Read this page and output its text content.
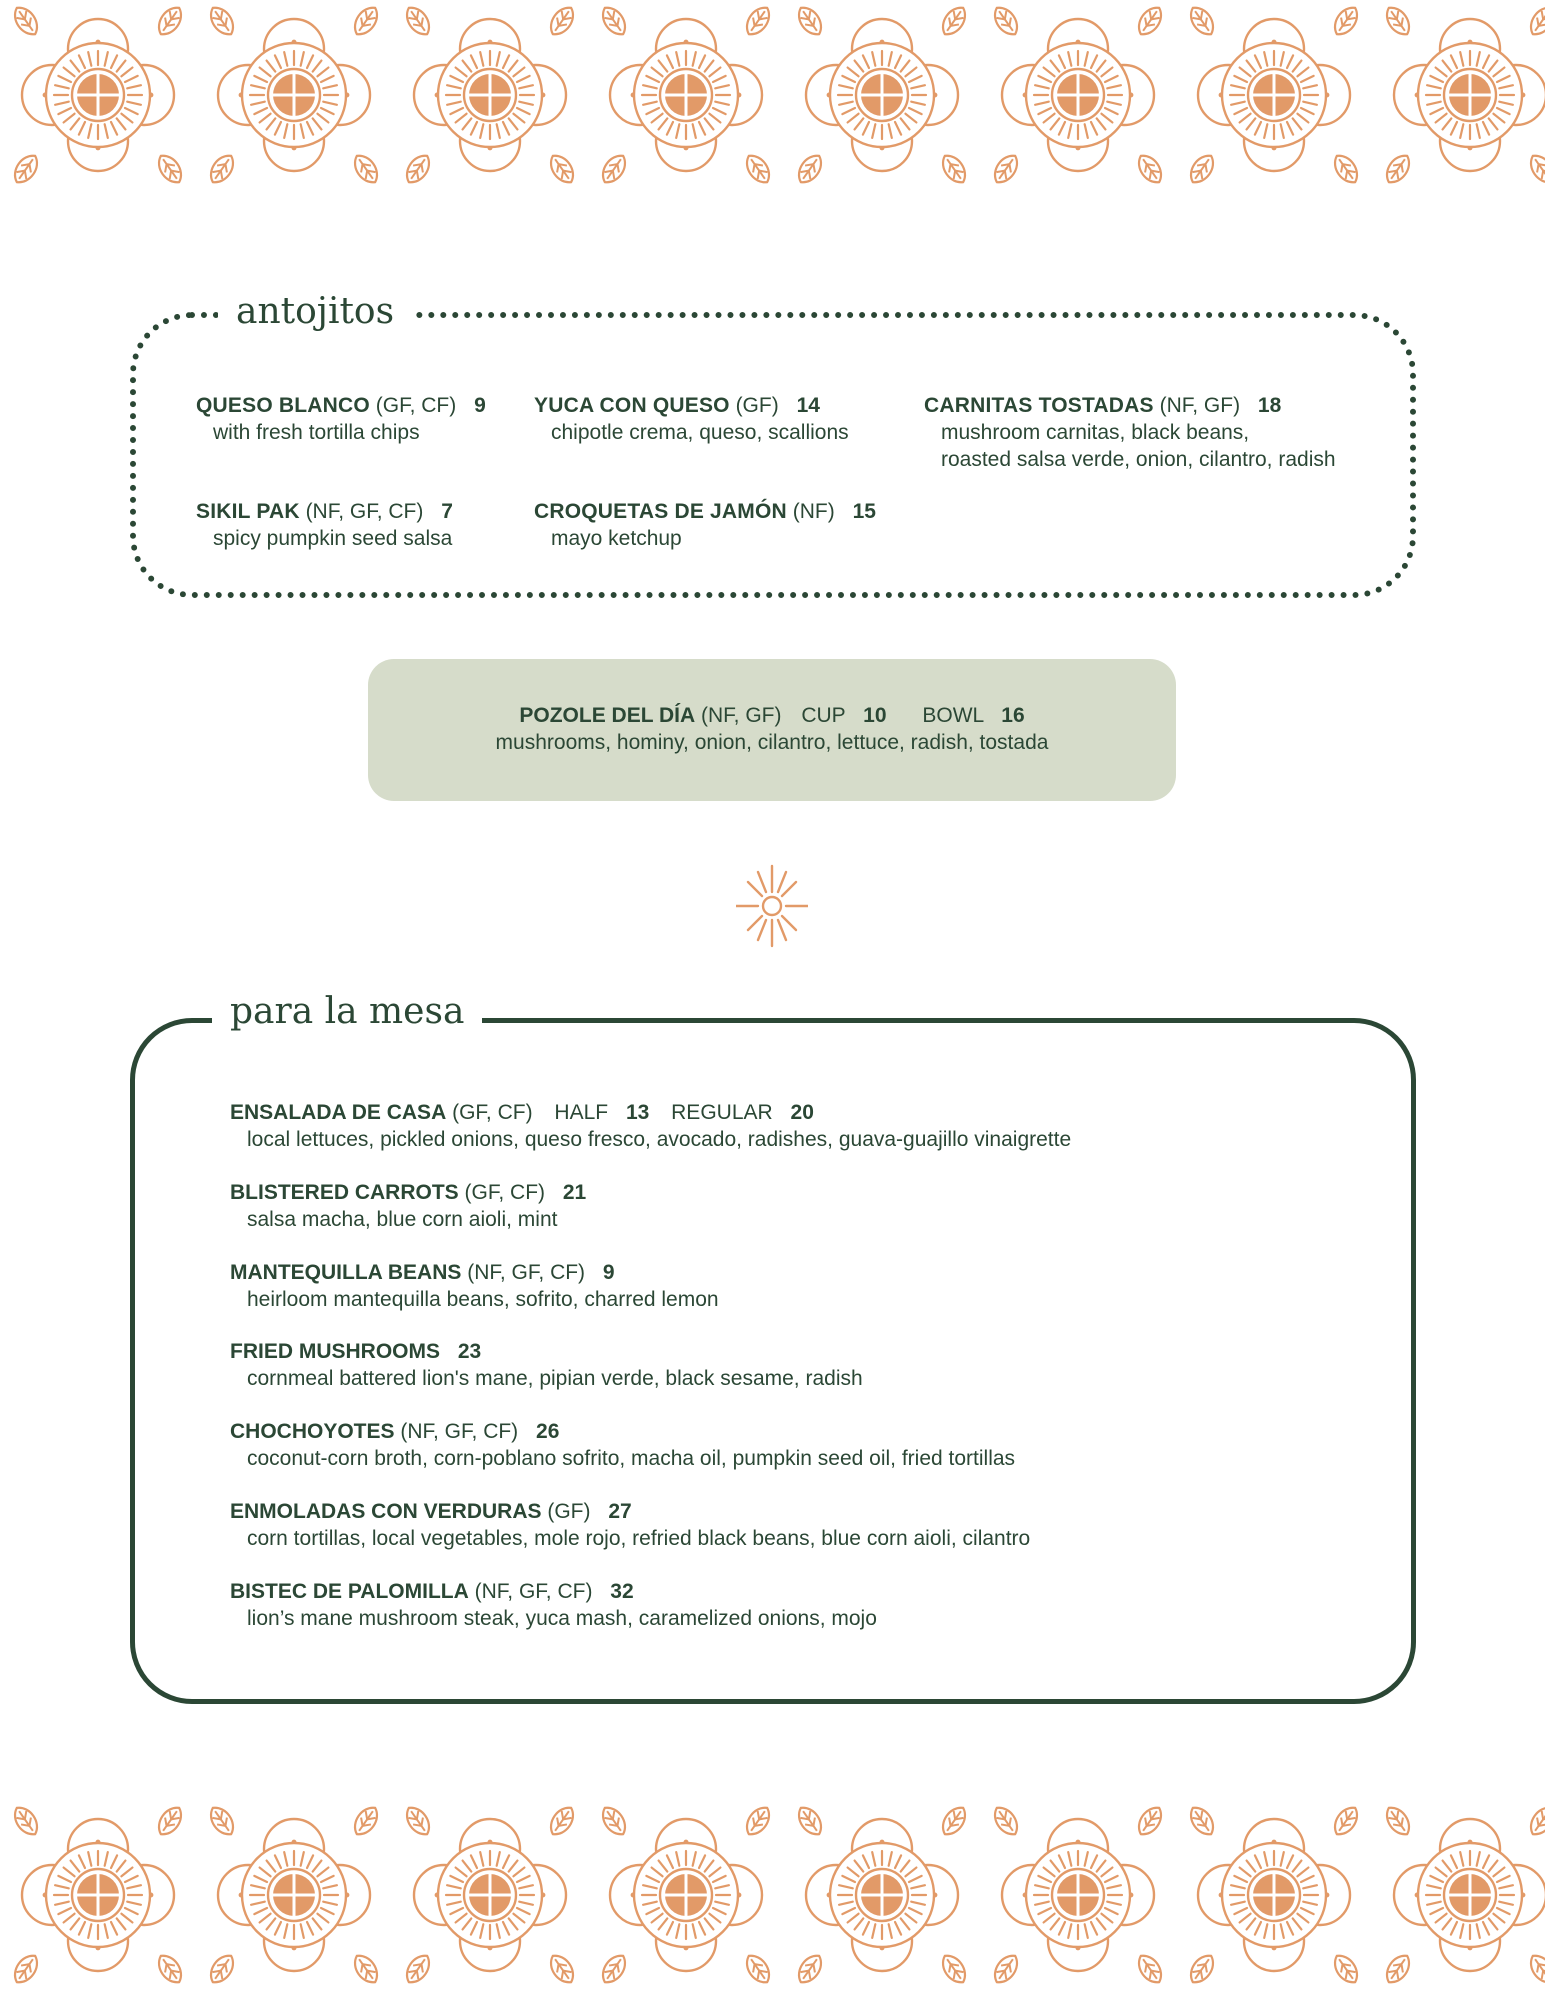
antojitos
QUESO BLANCO (GF, CF) 9
with fresh tortilla chips
YUCA CON QUESO (GF) 14
chipotle crema, queso, scallions
CARNITAS TOSTADAS (NF, GF) 18
mushroom carnitas, black beans,
roasted salsa verde, onion, cilantro, radish
SIKIL PAK (NF, GF, CF) 7
spicy pumpkin seed salsa
CROQUETAS DE JAMÓN (NF) 15
mayo ketchup
POZOLE DEL DÍA (NF, GF) CUP 10 BOWL 16
mushrooms, hominy, onion, cilantro, lettuce, radish, tostada
para la mesa
ENSALADA DE CASA (GF, CF) HALF 13 REGULAR 20
local lettuces, pickled onions, queso fresco, avocado, radishes, guava-guajillo vinaigrette
BLISTERED CARROTS (GF, CF) 21
salsa macha, blue corn aioli, mint
MANTEQUILLA BEANS (NF, GF, CF) 9
heirloom mantequilla beans, sofrito, charred lemon
FRIED MUSHROOMS 23
cornmeal battered lion's mane, pipian verde, black sesame, radish
CHOCHOYOTES (NF, GF, CF) 26
coconut-corn broth, corn-poblano sofrito, macha oil, pumpkin seed oil, fried tortillas
ENMOLADAS CON VERDURAS (GF) 27
corn tortillas, local vegetables, mole rojo, refried black beans, blue corn aioli, cilantro
BISTEC DE PALOMILLA (NF, GF, CF) 32
lion’s mane mushroom steak, yuca mash, caramelized onions, mojo
